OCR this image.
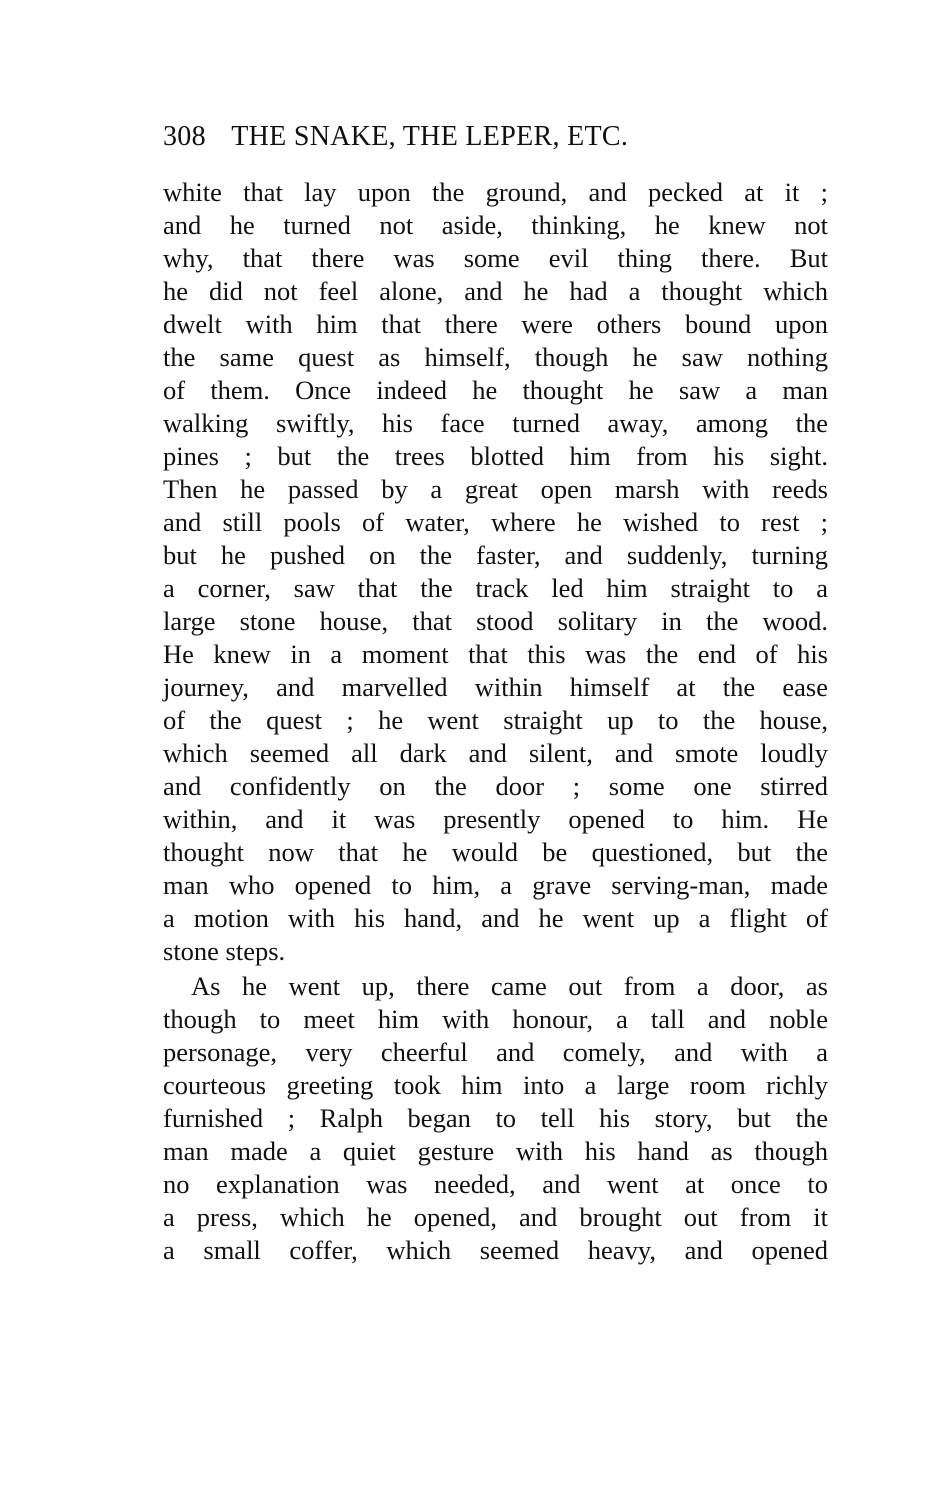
308 THE SNAKE, THE LEPER, ETC.
white that lay upon the ground, and pecked at it ;
and he turned not aside, thinking, he knew not
why, that there was some evil thing there. But
he did not feel alone, and he had a thought which
dwelt with him that there were others bound upon
the same quest as himself, though he saw nothing
of them. Once indeed he thought he saw a man
walking swiftly, his face turned away, among the
pines ; but the trees blotted him from his sight.
Then he passed by a great open marsh with reeds
and still pools of water, where he wished to rest ;
but he pushed on the faster, and suddenly, turning
a corner, saw that the track led him straight to a
large stone house, that stood solitary in the wood.
He knew in a moment that this was the end of his
journey, and marvelled within himself at the ease
of the quest ; he went straight up to the house,
which seemed all dark and silent, and smote loudly
and confidently on the door ; some one stirred
within, and it was presently opened to him. He
thought now that he would be questioned, but the
man who opened to him, a grave serving-man, made
a motion with his hand, and he went up a flight of
stone steps.
As he went up, there came out from a door, as
though to meet him with honour, a tall and noble
personage, very cheerful and comely, and with a
courteous greeting took him into a large room richly
furnished ; Ralph began to tell his story, but the
man made a quiet gesture with his hand as though
no explanation was needed, and went at once to
a press, which he opened, and brought out from it
a small coffer, which seemed heavy, and opened
